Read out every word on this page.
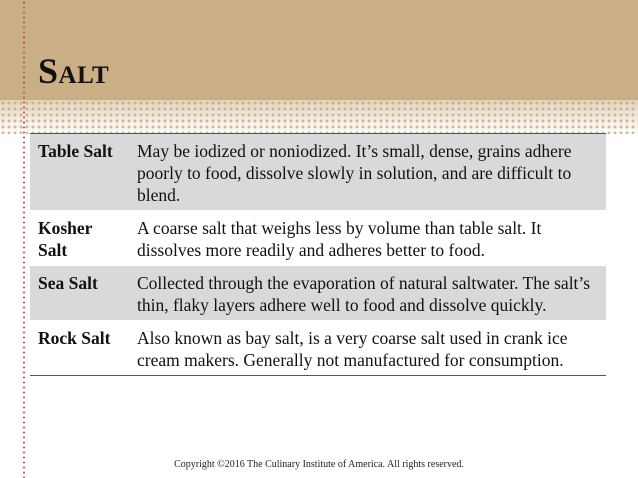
Salt
Table Salt	May be iodized or noniodized. It’s small, dense, grains adhere poorly to food, dissolve slowly in solution, and are difficult to blend.
Kosher Salt	A coarse salt that weighs less by volume than table salt. It dissolves more readily and adheres better to food.
Sea Salt	Collected through the evaporation of natural saltwater. The salt’s thin, flaky layers adhere well to food and dissolve quickly.
Rock Salt	Also known as bay salt, is a very coarse salt used in crank ice cream makers. Generally not manufactured for consumption.
Copyright ©2016 The Culinary Institute of America. All rights reserved.
